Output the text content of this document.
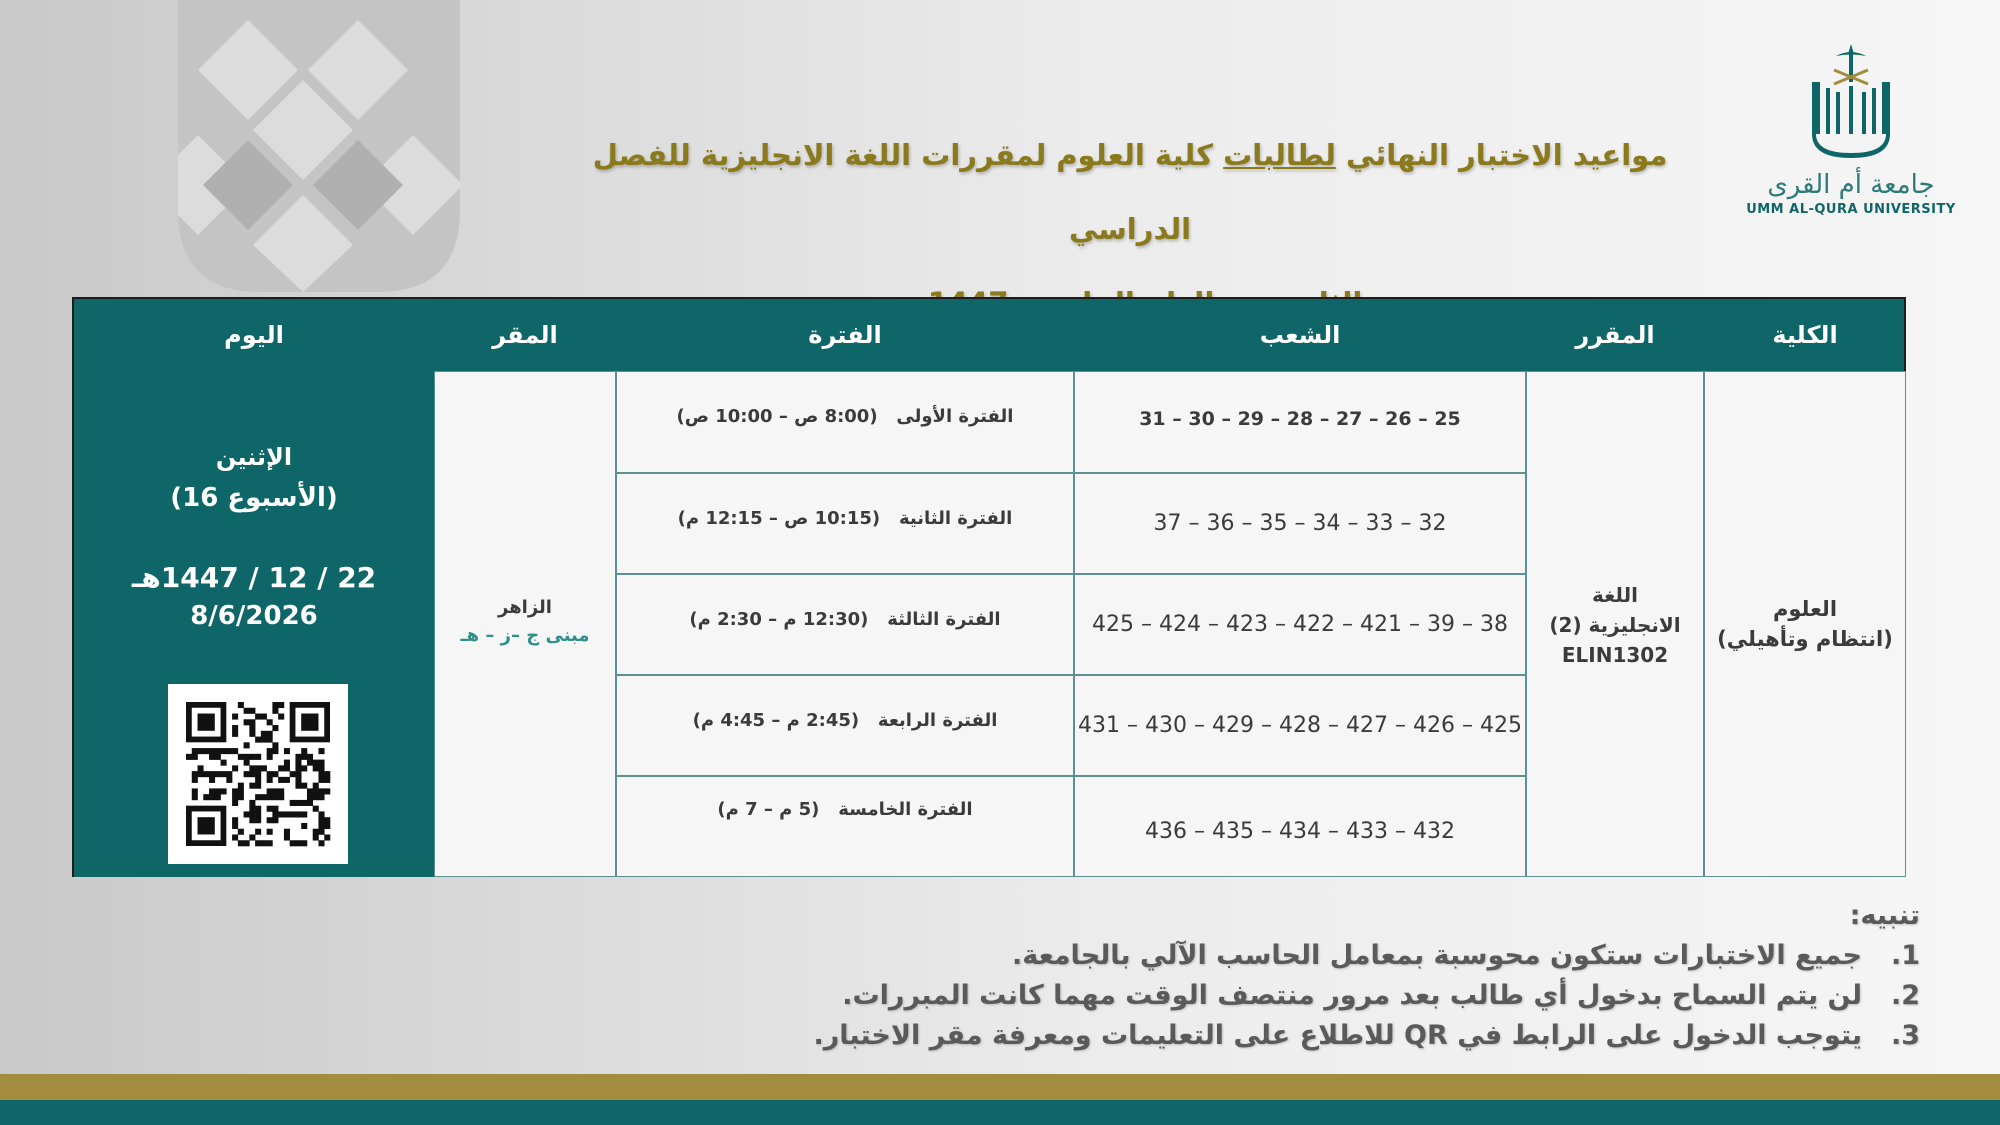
جامعة أم القرى
UMM AL-QURA UNIVERSITY
مواعيد الاختبار النهائي لطالبات كلية العلوم لمقررات اللغة الانجليزية للفصل الدراسي
الكلية
المقرر
الشعب
الفترة
المقر
اليوم
العلوم
(انتظام وتأهيلي)
اللغة
الانجليزية (2)
ELIN1302
25 – 26 – 27 – 28 – 29 – 30 – 31
32 – 33 – 34 – 35 – 36 – 37
38 – 39 – 421 – 422 – 423 – 424 – 425
425 – 426 – 427 – 428 – 429 – 430 – 431
432 – 433 – 434 – 435 – 436
الفترة الأولى   (8:00 ص – 10:00 ص)
الفترة الثانية   (10:15 ص – 12:15 م)
الفترة الثالثة   (12:30 م – 2:30 م)
الفترة الرابعة   (2:45 م – 4:45 م)
الفترة الخامسة   (5 م – 7 م)
الزاهر
مبنى ج –ز – هـ
الإثنين
(الأسبوع 16)
22 / 12 / 1447هـ
8/6/2026
تنبيه:
1.جميع الاختبارات ستكون محوسبة بمعامل الحاسب الآلي بالجامعة.
2.لن يتم السماح بدخول أي طالب بعد مرور منتصف الوقت مهما كانت المبررات.
3.يتوجب الدخول على الرابط في QR للاطلاع على التعليمات ومعرفة مقر الاختبار.
